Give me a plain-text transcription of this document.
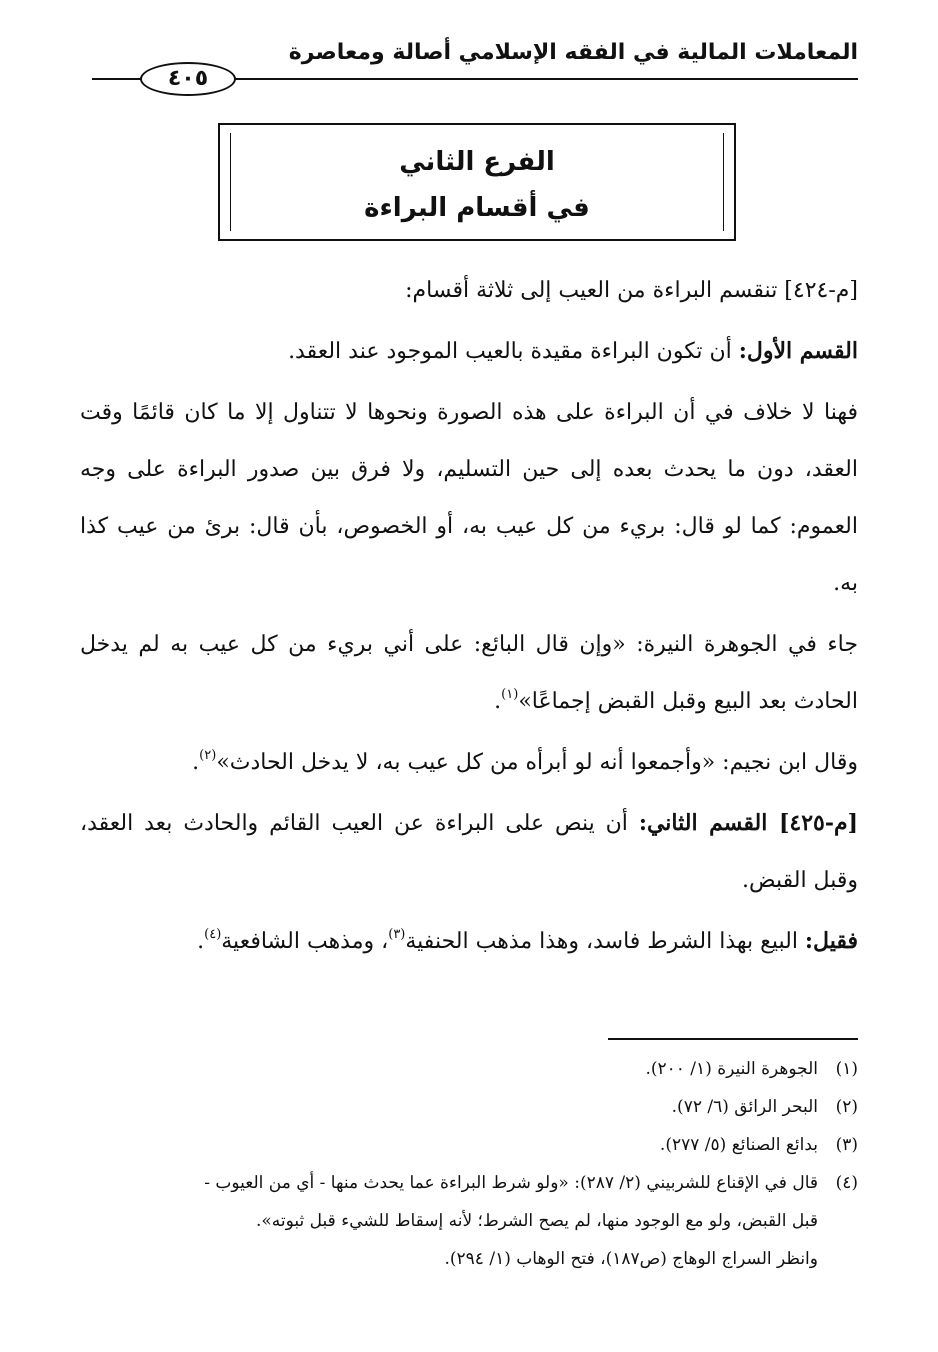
المعاملات المالية في الفقه الإسلامي أصالة ومعاصرة
٤٠٥
الفرع الثاني
في أقسام البراءة

[م-٤٢٤] تنقسم البراءة من العيب إلى ثلاثة أقسام:

القسم الأول: أن تكون البراءة مقيدة بالعيب الموجود عند العقد.

فهنا لا خلاف في أن البراءة على هذه الصورة ونحوها لا تتناول إلا ما كان قائمًا وقت العقد، دون ما يحدث بعده إلى حين التسليم، ولا فرق بين صدور البراءة على وجه العموم: كما لو قال: بريء من كل عيب به، أو الخصوص، بأن قال: برئ من عيب كذا به.

جاء في الجوهرة النيرة: «وإن قال البائع: على أني بريء من كل عيب به لم يدخل الحادث بعد البيع وقبل القبض إجماعًا»$^{(١)}$.

وقال ابن نجيم: «وأجمعوا أنه لو أبرأه من كل عيب به، لا يدخل الحادث»$^{(٢)}$.

[م-٤٢٥] القسم الثاني: أن ينص على البراءة عن العيب القائم والحادث بعد العقد، وقبل القبض.

فقيل: البيع بهذا الشرط فاسد، وهذا مذهب الحنفية$^{(٣)}$، ومذهب الشافعية$^{(٤)}$.

(١)
الجوهرة النيرة (١/ ٢٠٠).
(٢)
البحر الرائق (٦/ ٧٢).
(٣)
بدائع الصنائع (٥/ ٢٧٧).
(٤)
قال في الإقناع للشربيني (٢/ ٢٨٧): «ولو شرط البراءة عما يحدث منها - أي من العيوب -
قبل القبض، ولو مع الوجود منها، لم يصح الشرط؛ لأنه إسقاط للشيء قبل ثبوته».
وانظر السراج الوهاج (ص١٨٧)، فتح الوهاب (١/ ٢٩٤).
